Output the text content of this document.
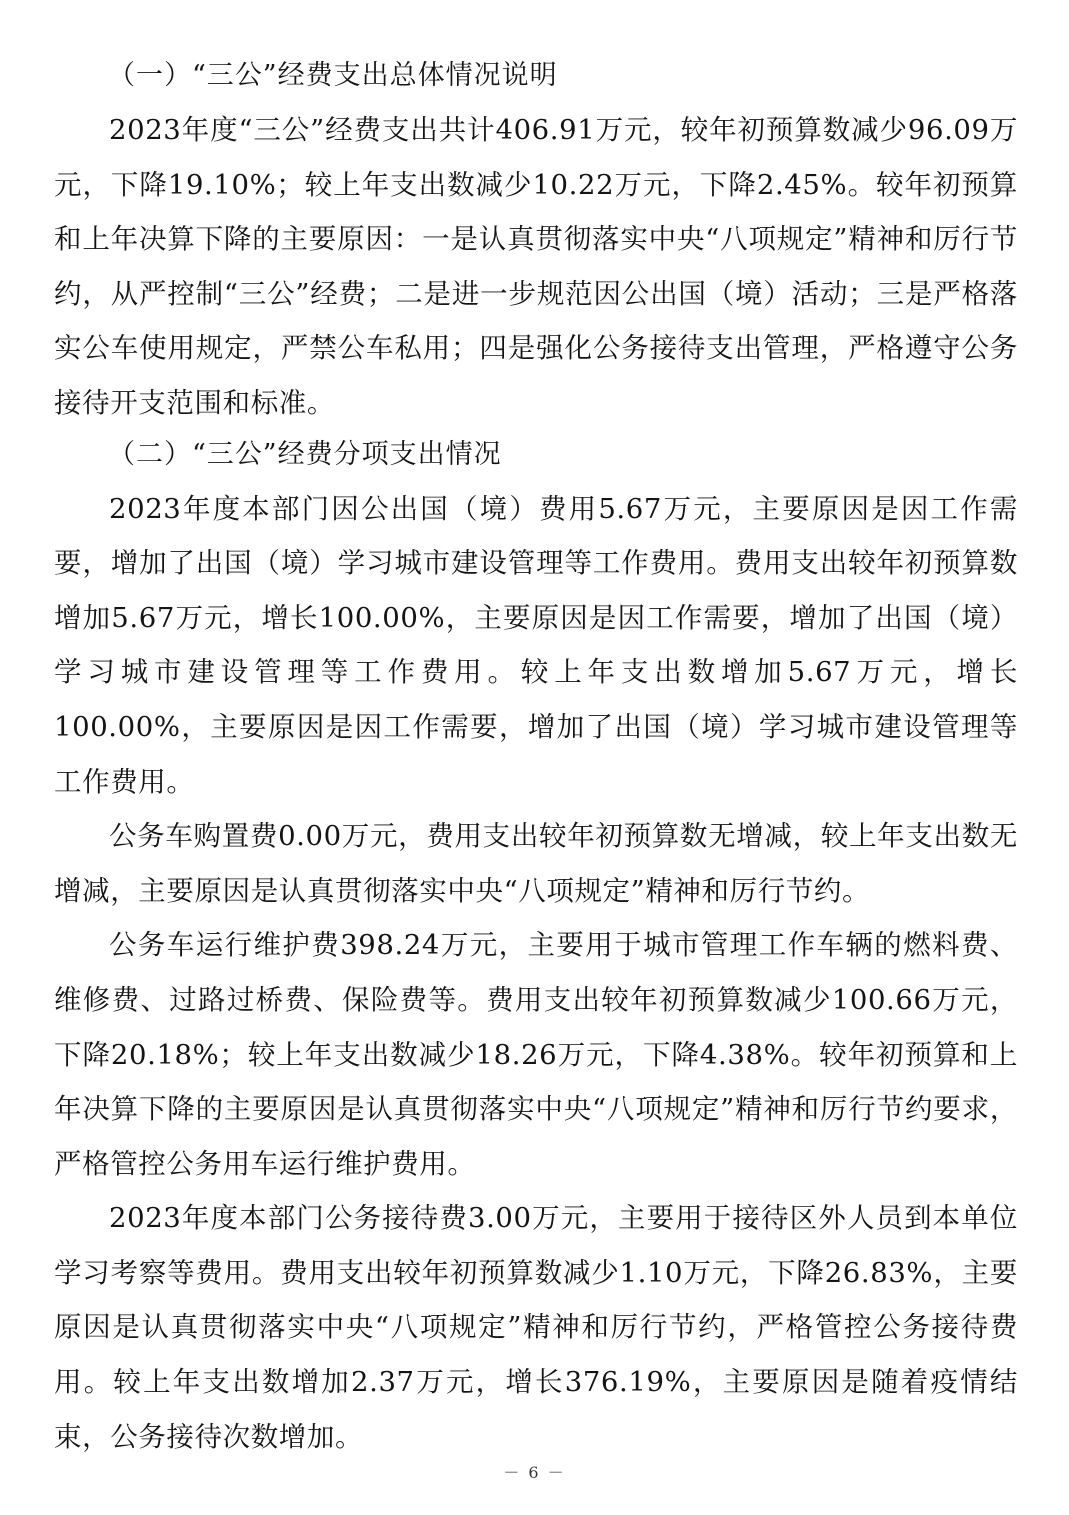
（一）“三公”经费支出总体情况说明

2023年度“三公”经费支出共计406.91万元，较年初预算数减少96.09万元，下降19.10%；较上年支出数减少10.22万元，下降2.45%。较年初预算和上年决算下降的主要原因：一是认真贯彻落实中央“八项规定”精神和厉行节约，从严控制“三公”经费；二是进一步规范因公出国（境）活动；三是严格落实公车使用规定，严禁公车私用；四是强化公务接待支出管理，严格遵守公务接待开支范围和标准。

（二）“三公”经费分项支出情况

2023年度本部门因公出国（境）费用5.67万元，主要原因是因工作需要，增加了出国（境）学习城市建设管理等工作费用。费用支出较年初预算数增加5.67万元，增长100.00%，主要原因是因工作需要，增加了出国（境）学习城市建设管理等工作费用。较上年支出数增加5.67万元，增长100.00%，主要原因是因工作需要，增加了出国（境）学习城市建设管理等工作费用。

公务车购置费0.00万元，费用支出较年初预算数无增减，较上年支出数无增减，主要原因是认真贯彻落实中央“八项规定”精神和厉行节约。

公务车运行维护费398.24万元，主要用于城市管理工作车辆的燃料费、维修费、过路过桥费、保险费等。费用支出较年初预算数减少100.66万元，下降20.18%；较上年支出数减少18.26万元，下降4.38%。较年初预算和上年决算下降的主要原因是认真贯彻落实中央“八项规定”精神和厉行节约要求，严格管控公务用车运行维护费用。

2023年度本部门公务接待费3.00万元，主要用于接待区外人员到本单位学习考察等费用。费用支出较年初预算数减少1.10万元，下降26.83%，主要原因是认真贯彻落实中央“八项规定”精神和厉行节约，严格管控公务接待费用。较上年支出数增加2.37万元，增长376.19%，主要原因是随着疫情结束，公务接待次数增加。

－ 6 －
